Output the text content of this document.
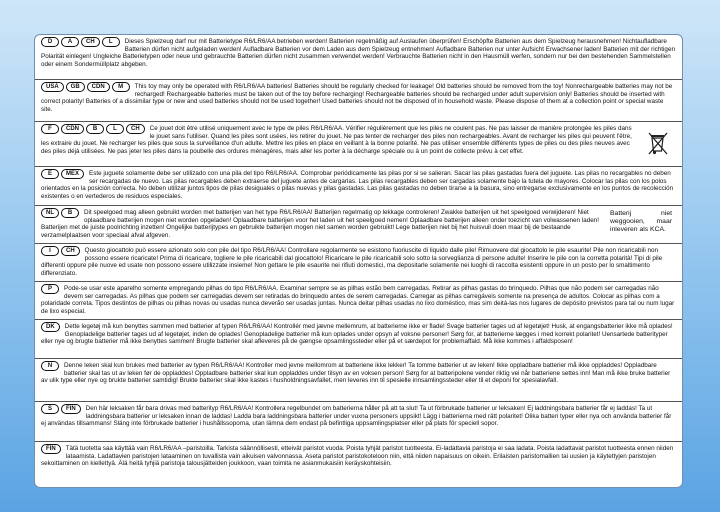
D	A CH L	Dieses Spielzeug darf nur mit Batterietype R6/LR6/AA betrieben werden! Batterien regelmäßig auf Auslaufen überprüfen! Erschöpfte Batterien aus dem Spielzeug herausnehmen! Nichtaufladbare Batterien dürfen nicht aufgeladen werden! Aufladbare Batterien vor dem Laden aus dem Spielzeug entnehmen! Aufladbare Batterien nur unter Aufsicht Erwachsener laden! Batterien mit der richtigen Polarität einlegen! Ungleiche Batterietypen oder neue und gebrauchte Batterien dürfen nicht zusammen verwendet werden! Verbrauchte Batterien nicht in den Hausmüll werfen, sondern nur bei den bestehenden Sammelstellen oder einem Sondermüllplatz abgeben.
USA GB CDN M	This toy may only be operated with R6/LR6/AA batteries! Batteries should be regularly checked for leakage! Old batteries should be removed from the toy! Nonrechargeable batteries may not be recharged! Rechargeable batteries must be taken out of the toy before recharging! Rechargeable batteries should be recharged under adult supervision only! Batteries should be inserted with correct polarity! Batteries of a dissimilar type or new and used batteries should not be used together! Used batteries should not be disposed of in household waste. Please dispose of them at a collection point or special waste site.
F CDN B	L CH	Ce jouet doit être utilisé uniquement avec le type de piles R6/LR6/AA. Vérifier régulièrement que les piles ne coulent pas. Ne pas laisser de manière prolongée les piles dans le jouet sans l'utiliser. Quand les piles sont usées, les retirer du jouet. Ne pas tenter de recharger des piles non rechargeables. Avant de recharger les piles qui peuvent l'être, les extraire du jouet. Ne recharger les piles que sous la surveillance d'un adulte. Mettre les piles en place en veillant à la bonne polarité. Ne pas utiliser ensemble différents types de piles ou des piles neuves avec des piles déjà utilisées. Ne pas jeter les piles dans la poubelle des ordures ménagères, mais aller les porter à la décharge spéciale ou à un point de collecte prévu à cet effet.
E MEX	Este juguete solamente debe ser utilizado con una pila del tipo R6/LR6/AA. Comprobar periódicamente las pilas por si se salieran. Sacar las pilas gastadas fuera del juguete. Las pilas no recargables no deben ser recargadas de nuevo. Las pilas recargables deben extraerse del juguete antes de cargarlas. Las pilas recargables deben ser cargadas solamente bajo la tutela de mayores. Colocar las pilas con los polos orientados en la posición correcta. No deben utilizar juntos tipos de pilas desiguales o pilas nuevas y pilas gastadas. Las pilas gastadas no deben tirarse a la basura, sino entregarse exclusivamente en los puntos de recolección existentes o en vertederos de residuos especiales.
NL B	Dit speelgoed mag alleen gebruikt worden met batterijen van het type R6/LR6/AA! Batterijen regelmatig op lekkage controleren! Zwakke batterijen uit het speelgoed verwijderen! Niet oplaadbare batterijen mogen niet worden opgeladen! Oplaadbare batterijen voor het laden uit het speelgoed nemen! Oplaadbare batterijen alleen onder toezicht van volwassenen laden! Batterijen met de juiste poolrichting inzetten! Ongelijke batterijtypes en gebruikte batterijen mogen niet samen worden gebruikt! Lege batterijen niet bij het huisvuil doen maar bij de bestaande verzamelplaatsen voor speciaal afval afgeven.
Batterij niet weggooien, maar inleveren als KCA.
I	CH	Questo giocattolo può essere azionato solo con pile del tipo R6/LR6/AA! Controllare regolarmente se esistono fuoriuscite di liquido dalle pile! Rimuovere dal giocattolo le pile esaurite! Pile non ricaricabili non possono essere ricaricate! Prima di ricaricare, togliere le pile ricaricabili dal giocattolo! Ricaricare le pile ricaricabili solo sotto la sorveglianza di persone adulte! Inserire le pile con la corretta polarità! Tipi di pile differenti oppure pile nuove ed usate non possono essere utilizzate insieme! Non gettare le pile esaurite nei rifiuti domestici, ma depositarle solamente nei luoghi di raccolta esistenti oppure in un posto per lo smaltimento differenziato.
P	Pode-se usar este aparelho somente empregando pilhas do tipo R6/LR6/AA. Examinar sempre se as pilhas estão bem carregadas. Retirar as pilhas gastas do brinquedo. Pilhas que não podem ser carregadas não devem ser carregadas. As pilhas que podem ser carregadas devem ser retiradas do brinquedo antes de serem carregadas. Carregar as pilhas carregáveis somente na presença de adultos. Colocar as pilhas com a polaridade correta. Tipos destintos de pilhas ou pilhas novas ou usadas nunca deverão ser usadas juntas. Nunca deitar pilhas usadas no lixo doméstico, mas sim deitá-las nos lugares de depósito previstos para tal ou num lugar de lixo especial.
DK	Dette legetøj må kun benyttes sammen med batterier af typen R6/LR6/AA! Kontrollér med jævne mellemrum, at batterierne ikke er flade! Svage batterier tages ud af legetøjet! Husk, at engangsbatterier ikke må oplades! Genopladelige batterier tages ud af legetøjet, inden de oplades! Genopladelige batterier må kun oplades under opsyn af voksne personer! Sørg for, at batterierne lægges i med korrekt polaritet! Uensartede batterityper eller nye og brugte batterier må ikke benyttes sammen! Brugte batterier skal afleveres på de gængse opsamlingssteder eller på et særdepot for problemaffald. Må ikke kommes i affaldsposen!
N	Denne leken skal kun brukes med batterier av typen R6/LR6/AA! Kontroller med jevne mellomrom at batteriene ikke lekker! Ta tomme batterier ut av leken! Ikke oppladbare batterier må ikke oppladdes! Oppladbare batterier skal tas ut av leken før de oppladdes! Oppladbare batterier skal kun oppladdes under tilsyn av en voksen person! Sørg for at batteripolene vender riktig vei når batteriene settes inn! Man må ikke bruke batterier av ulik type eller nye og brukte batterier samtidig! Brukte batterier skal ikke kastes i husholdningsavfallet, men leveres inn til spesielle innsamlingssteder eller til et deponi for spesialavfall.
S FIN	Den här leksaken får bara drivas med batterityp R6/LR6/AA! Kontrollera regelbundet om batterierna håller på att ta slut! Ta ut förbrukade batterier ur leksaken! Ej laddningsbara batterier får ej laddas! Ta ut laddningsbara batterier ur leksaken innan de laddas! Ladda bara laddningsbara batterier under vuxna personers uppsikt! Lägg i batterierna med rätt polaritet! Olika batteri typer eller nya och använda batterier får ej användas tillsammans! Släng inte förbrukade batterier i hushållssoporna, utan lämna dem endast på befintliga uppsamlingsplatser eller på plats för speciell sopor.
FIN	Tätä tuotetta saa käyttää vain R6/LR6/AA –paristoilla. Tarkista säännöllisesti, etteivät paristot vuoda. Poista tyhjät paristot tuotteesta. Ei-ladattavia paristoja ei saa ladata. Poista ladattavat paristot tuotteesta ennen niiden lataamista. Ladattavien paristojen lataaminen on tuvallista vain aikuisen valvonnassa. Aseta paristot paristokoteloon niin, että niiden napaisuus on oikein. Erilaisten paristomallien tai uusien ja käytettyjen paristojen sekoittaminen on kiellettyä. Älä heitä tyhjiä paristoja talousjätteiden joukkoon, vaan toimita ne asianmukaisiin keräyskohteisiin.
